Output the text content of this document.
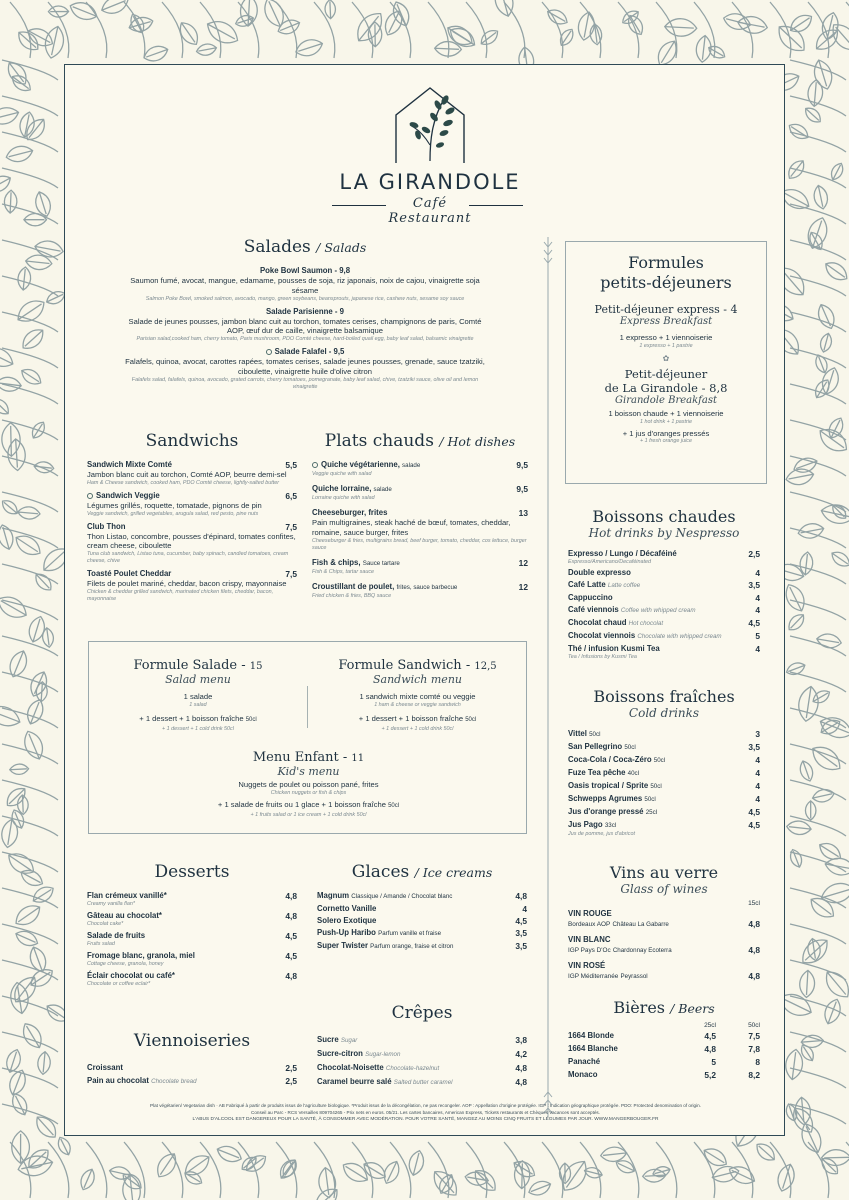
LA GIRANDOLE
Café Restaurant
Salades / Salads
Poke Bowl Saumon - 9,8
Saumon fumé, avocat, mangue, edamame, pousses de soja, riz japonais, noix de cajou, vinaigrette soja sésame
Salmon Poke Bowl, smoked salmon, avocado, mango, green soybeans, beansprouts, japanese rice, cashew nuts, sesame soy sauce
Salade Parisienne - 9
Salade de jeunes pousses, jambon blanc cuit au torchon, tomates cerises, champignons de paris, Comté AOP, œuf dur de caille, vinaigrette balsamique
Parisian salad,cooked ham, cherry tomato, Paris mushroom, PDO Comté cheese, hard-boiled quail egg, baby leaf salad, balsamic vinaigrette
Salade Falafel - 9,5
Falafels, quinoa, avocat, carottes rapées, tomates cerises, salade jeunes pousses, grenade, sauce tzatziki, ciboulette, vinaigrette huile d'olive citron
Falafels salad, falafels, quinoa, avocado, grated carrots, cherry tomatoes, pomegranate, baby leaf salad, chive, tzatziki sauce, olive oil and lemon vinaigrette
Sandwichs
Sandwich Mixte Comté	5,5
Jambon blanc cuit au torchon, Comté AOP, beurre demi-sel
Ham & Cheese sandwich, cooked ham, PDO Comté cheese, lightly-salted butter
Sandwich Veggie	6,5
Légumes grillés, roquette, tomatade, pignons de pin
Veggie sandwich, grilled vegetables, arugula salad, red pesto, pine nuts
Club Thon	7,5
Thon Listao, concombre, pousses d'épinard, tomates confites, cream cheese, ciboulette
Tuna club sandwich, Listao tuna, cucumber, baby spinach, candied tomatoes, cream cheese, chive
Toasté Poulet Cheddar	7,5
Filets de poulet mariné, cheddar, bacon crispy, mayonnaise
Chicken & cheddar grilled sandwich, marinated chicken filets, cheddar, bacon, mayonnaise
Plats chauds / Hot dishes
Quiche végétarienne, salade	9,5
Veggie quiche with salad
Quiche lorraine, salade	9,5
Lorraine quiche with salad
Cheeseburger, frites	13
Pain multigraines, steak haché de bœuf, tomates, cheddar, romaine, sauce burger, frites
Cheeseburger & fries, multigrains bread, beef burger, tomato, cheddar, cos lettuce, burger sauce
Fish & chips, Sauce tartare	12
Fish & Chips, tartar sauce
Croustillant de poulet, frites, sauce barbecue	12
Fried chicken & fries, BBQ sauce
Formule Salade - 15
Salad menu
1 salade
1 salad
+ 1 dessert + 1 boisson fraîche 50cl
+ 1 dessert + 1 cold drink 50cl
Formule Sandwich - 12,5
Sandwich menu
1 sandwich mixte comté ou veggie
1 ham & cheese or veggie sandwich
+ 1 dessert + 1 boisson fraîche 50cl
+ 1 dessert + 1 cold drink 50cl
Menu Enfant - 11
Kid's menu
Nuggets de poulet ou poisson pané, frites
Chicken nuggets or fish & chips
+ 1 salade de fruits ou 1 glace + 1 boisson fraîche 50cl
+ 1 fruits salad or 1 ice cream + 1 cold drink 50cl
Desserts
Flan crémeux vanillé*	4,8
Creamy vanilla flan*
Gâteau au chocolat*	4,8
Chocolat cake*
Salade de fruits	4,5
Fruits salad
Fromage blanc, granola, miel	4,5
Cottage cheese, granola, honey
Éclair chocolat ou café*	4,8
Chocolate or coffee eclair*
Glaces / Ice creams
Magnum Classique / Amande / Chocolat blanc	4,8
Cornetto Vanille	4
Solero Exotique	4,5
Push-Up Haribo Parfum vanille et fraise	3,5
Super Twister Parfum orange, fraise et citron	3,5
Viennoiseries
Croissant	2,5
Pain au chocolat Chocolate bread	2,5
Crêpes
Sucre Sugar	3,8
Sucre-citron Sugar-lemon	4,2
Chocolat-Noisette Chocolate-hazelnut	4,8
Caramel beurre salé Salted butter caramel	4,8
Formules
petits-déjeuners
Petit-déjeuner express - 4
Express Breakfast
1 expresso + 1 viennoiserie
1 expresso + 1 pastrie
✿
Petit-déjeuner
de La Girandole - 8,8
Girandole Breakfast
1 boisson chaude + 1 viennoiserie
1 hot drink + 1 pastrie
+ 1 jus d'oranges pressés
+ 1 fresh orange juice
Boissons chaudes
Hot drinks by Nespresso
Expresso / Lungo / Décaféiné	2,5
Expresso/Americano/Decaféinated
Double expresso	4
Café Latte Latte coffee	3,5
Cappuccino	4
Café viennois Coffee with whipped cream	4
Chocolat chaud Hot chocolat	4,5
Chocolat viennois Chocolate with whipped cream	5
Thé / infusion Kusmi Tea	4
Tea / Infusions by Kusmi Tea
Boissons fraîches
Cold drinks
Vittel 50cl	3
San Pellegrino 50cl	3,5
Coca-Cola / Coca-Zéro 50cl	4
Fuze Tea pêche 40cl	4
Oasis tropical / Sprite 50cl	4
Schwepps Agrumes 50cl	4
Jus d'orange pressé 25cl	4,5
Jus Pago 33cl	4,5
Jus de pomme, jus d'abricot
Vins au verre
Glass of wines
15cl
VIN ROUGE
Bordeaux AOP Château La Gabarre	4,8
VIN BLANC
IGP Pays D'Oc Chardonnay Ecoterra	4,8
VIN ROSÉ
IGP Méditerranée Peyrassol	4,8
Bières / Beers
25cl	50cl
1664 Blonde	4,5	7,5
1664 Blanche	4,8	7,8
Panaché	5	8
Monaco	5,2	8,2
Plat végétarien/ Vegetarian dish · AB Fabriqué à partir de produits issus de l'agriculture biologique. *Produit issus de la décongélation, ne pas recongeler. AOP : Appellation d'origine protégée. IGP : Indication géographique protégée. PDO: Protected denomination of origin.
Conseil au Parc - RCS Versailles 809704265 - Prix nets en euros. 05/21. Les cartes bancaires, American Express, Tickets restaurants et Chèques Vacances sont acceptés.
L'ABUS D'ALCOOL EST DANGEREUX POUR LA SANTÉ, À CONSOMMER AVEC MODÉRATION. POUR VOTRE SANTÉ, MANGEZ AU MOINS CINQ FRUITS ET LÉGUMES PAR JOUR. WWW.MANGERBOUGER.FR
